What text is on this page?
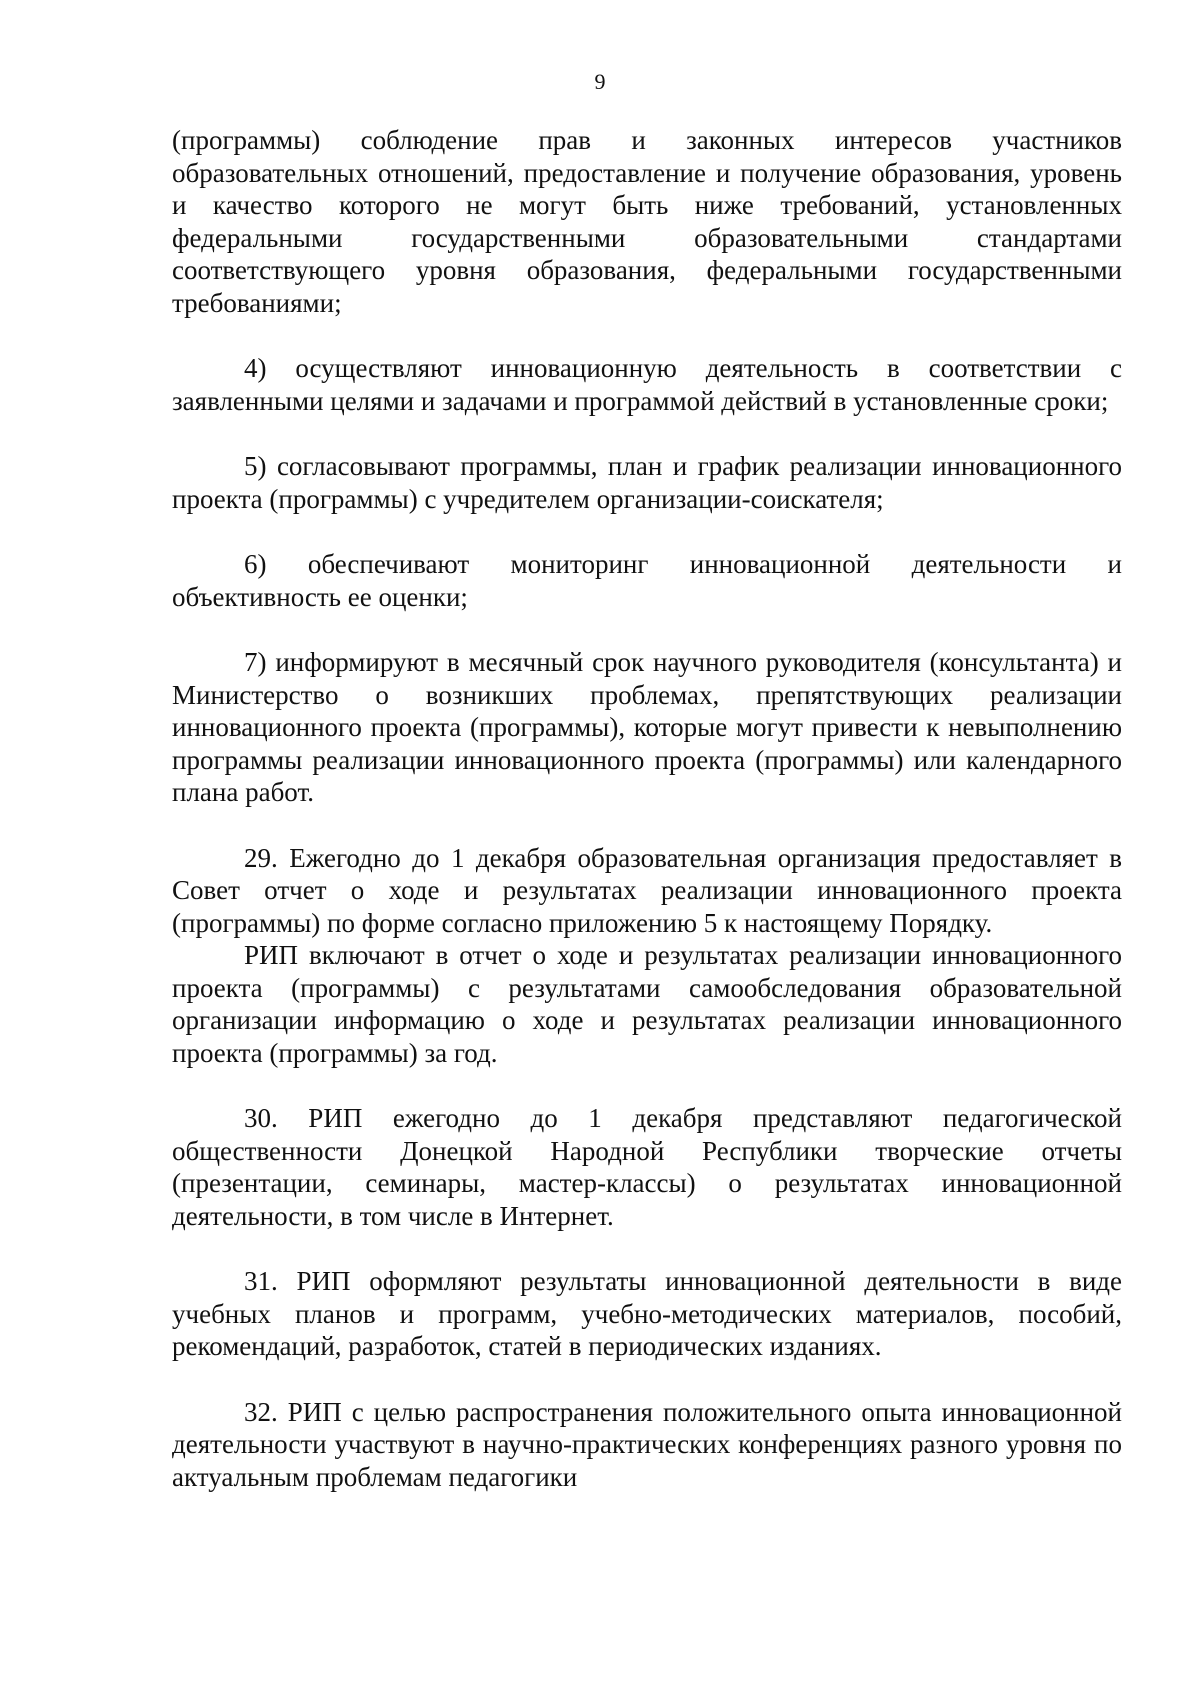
9

(программы) соблюдение прав и законных интересов участников образовательных отношений, предоставление и получение образования, уровень и качество которого не могут быть ниже требований, установленных федеральными государственными образовательными стандартами соответствующего уровня образования, федеральными государственными требованиями;

4) осуществляют инновационную деятельность в соответствии с заявленными целями и задачами и программой действий в установленные сроки;

5) согласовывают программы, план и график реализации инновационного проекта (программы) с учредителем организации-соискателя;

6) обеспечивают мониторинг инновационной деятельности и объективность ее оценки;

7) информируют в месячный срок научного руководителя (консультанта) и Министерство о возникших проблемах, препятствующих реализации инновационного проекта (программы), которые могут привести к невыполнению программы реализации инновационного проекта (программы) или календарного плана работ.

29. Ежегодно до 1 декабря образовательная организация предоставляет в Совет отчет о ходе и результатах реализации инновационного проекта (программы) по форме согласно приложению 5 к настоящему Порядку.

РИП включают в отчет о ходе и результатах реализации инновационного проекта (программы) с результатами самообследования образовательной организации информацию о ходе и результатах реализации инновационного проекта (программы) за год.

30. РИП ежегодно до 1 декабря представляют педагогической общественности Донецкой Народной Республики творческие отчеты (презентации, семинары, мастер-классы) о результатах инновационной деятельности, в том числе в Интернет.

31. РИП оформляют результаты инновационной деятельности в виде учебных планов и программ, учебно-методических материалов, пособий, рекомендаций, разработок, статей в периодических изданиях.

32. РИП с целью распространения положительного опыта инновационной деятельности участвуют в научно-практических конференциях разного уровня по актуальным проблемам педагогики
